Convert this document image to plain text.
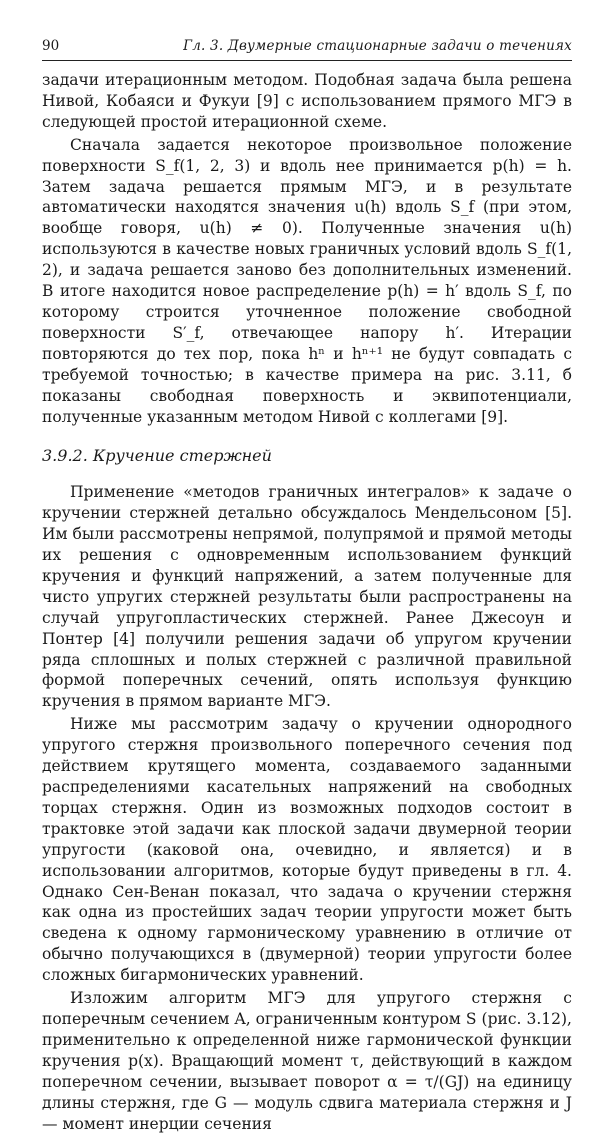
90	Гл. 3. Двумерные стационарные задачи о течениях

задачи итерационным методом. Подобная задача была решена Нивой, Кобаяси и Фукуи [9] с использованием прямого МГЭ в следующей простой итерационной схеме.

Сначала задается некоторое произвольное положение поверхности S_f(1, 2, 3) и вдоль нее принимается p(h) = h. Затем задача решается прямым МГЭ, и в результате автоматически находятся значения u(h) вдоль S_f (при этом, вообще говоря, u(h) ≠ 0). Полученные значения u(h) используются в качестве новых граничных условий вдоль S_f(1, 2), и задача решается заново без дополнительных изменений. В итоге находится новое распределение p(h) = h′ вдоль S_f, по которому строится уточненное положение свободной поверхности S′_f, отвечающее напору h′. Итерации повторяются до тех пор, пока hⁿ и hⁿ⁺¹ не будут совпадать с требуемой точностью; в качестве примера на рис. 3.11, б показаны свободная поверхность и эквипотенциали, полученные указанным методом Нивой с коллегами [9].

3.9.2. Кручение стержней

Применение «методов граничных интегралов» к задаче о кручении стержней детально обсуждалось Мендельсоном [5]. Им были рассмотрены непрямой, полупрямой и прямой методы их решения с одновременным использованием функций кручения и функций напряжений, а затем полученные для чисто упругих стержней результаты были распространены на случай упругопластических стержней. Ранее Джесоун и Понтер [4] получили решения задачи об упругом кручении ряда сплошных и полых стержней с различной правильной формой поперечных сечений, опять используя функцию кручения в прямом варианте МГЭ.

Ниже мы рассмотрим задачу о кручении однородного упругого стержня произвольного поперечного сечения под действием крутящего момента, создаваемого заданными распределениями касательных напряжений на свободных торцах стержня. Один из возможных подходов состоит в трактовке этой задачи как плоской задачи двумерной теории упругости (каковой она, очевидно, и является) и в использовании алгоритмов, которые будут приведены в гл. 4. Однако Сен-Венан показал, что задача о кручении стержня как одна из простейших задач теории упругости может быть сведена к одному гармоническому уравнению в отличие от обычно получающихся в (двумерной) теории упругости более сложных бигармонических уравнений.

Изложим алгоритм МГЭ для упругого стержня с поперечным сечением A, ограниченным контуром S (рис. 3.12), применительно к определенной ниже гармонической функции кручения p(x). Вращающий момент τ, действующий в каждом поперечном сечении, вызывает поворот α = τ/(GJ) на единицу длины стержня, где G — модуль сдвига материала стержня и J — момент инерции сечения
